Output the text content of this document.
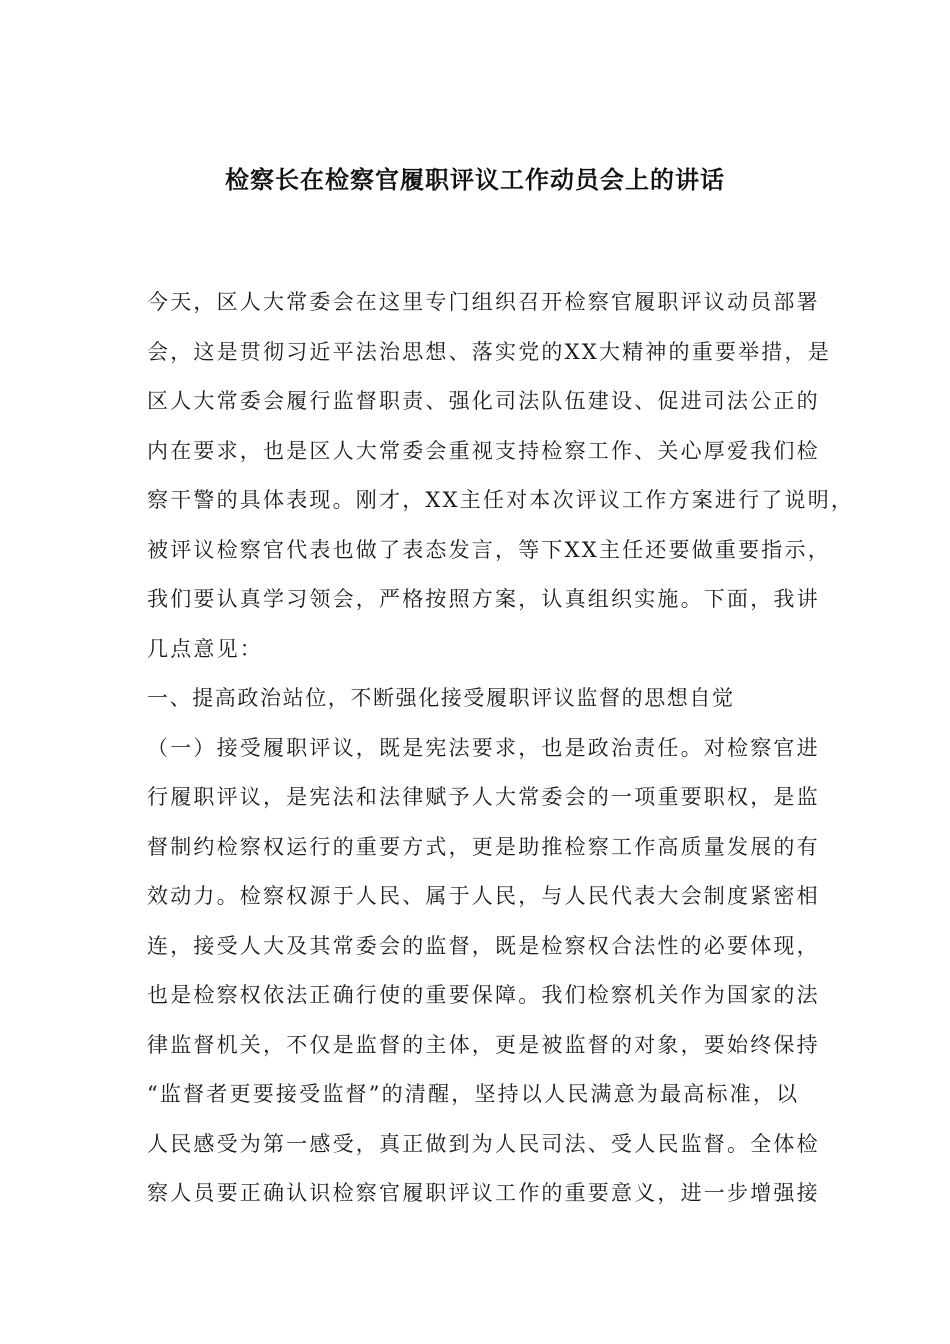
检察长在检察官履职评议工作动员会上的讲话
今天，区人大常委会在这里专门组织召开检察官履职评议动员部署
会，这是贯彻习近平法治思想、落实党的XX大精神的重要举措，是
区人大常委会履行监督职责、强化司法队伍建设、促进司法公正的
内在要求，也是区人大常委会重视支持检察工作、关心厚爱我们检
察干警的具体表现。刚才，XX主任对本次评议工作方案进行了说明，
被评议检察官代表也做了表态发言，等下XX主任还要做重要指示，
我们要认真学习领会，严格按照方案，认真组织实施。下面，我讲
几点意见：
一、提高政治站位，不断强化接受履职评议监督的思想自觉
（一）接受履职评议，既是宪法要求，也是政治责任。对检察官进
行履职评议，是宪法和法律赋予人大常委会的一项重要职权，是监
督制约检察权运行的重要方式，更是助推检察工作高质量发展的有
效动力。检察权源于人民、属于人民，与人民代表大会制度紧密相
连，接受人大及其常委会的监督，既是检察权合法性的必要体现，
也是检察权依法正确行使的重要保障。我们检察机关作为国家的法
律监督机关，不仅是监督的主体，更是被监督的对象，要始终保持
“监督者更要接受监督”的清醒，坚持以人民满意为最高标准，以
人民感受为第一感受，真正做到为人民司法、受人民监督。全体检
察人员要正确认识检察官履职评议工作的重要意义，进一步增强接
